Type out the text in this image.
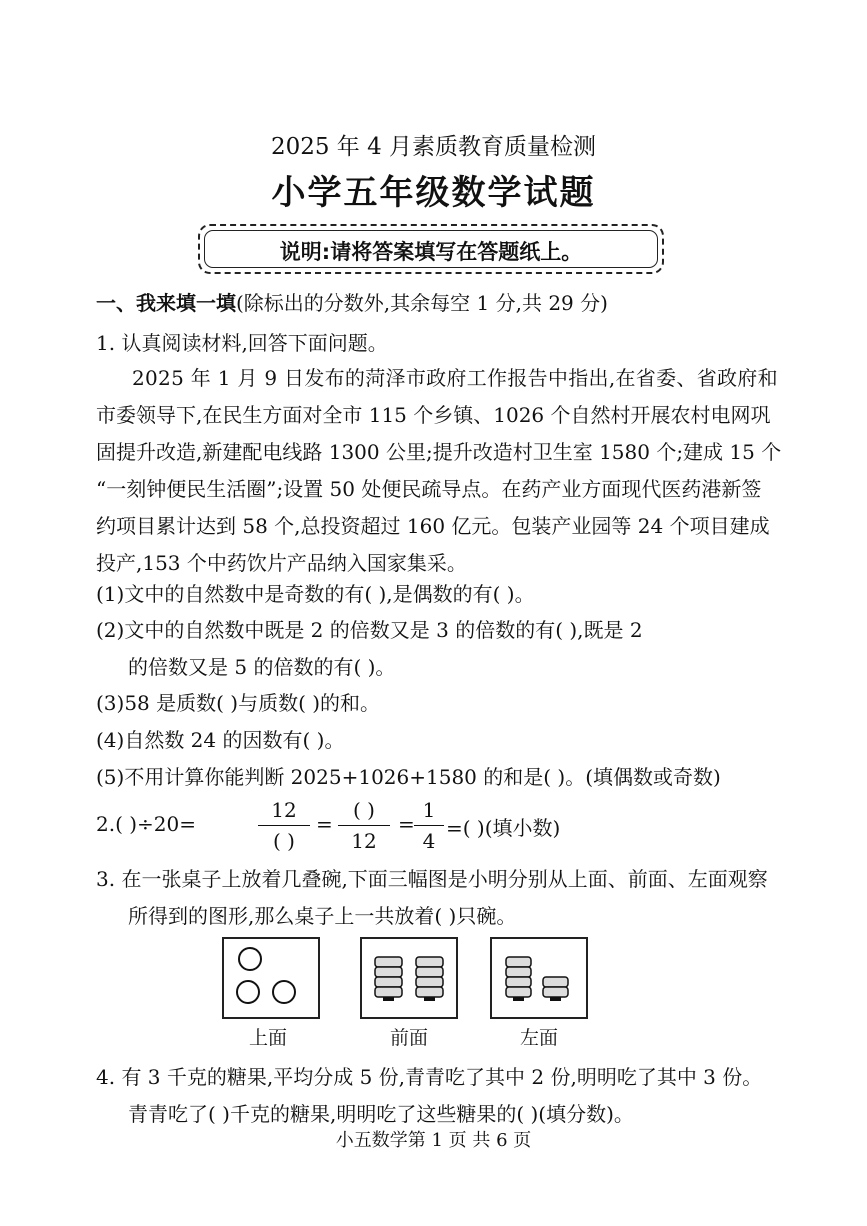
2025 年 4 月素质教育质量检测
小学五年级数学试题
说明:请将答案填写在答题纸上。
一、我来填一填(除标出的分数外,其余每空 1 分,共 29 分)
1. 认真阅读材料,回答下面问题。
2025 年 1 月 9 日发布的菏泽市政府工作报告中指出,在省委、省政府和
市委领导下,在民生方面对全市 115 个乡镇、1026 个自然村开展农村电网巩
固提升改造,新建配电线路 1300 公里;提升改造村卫生室 1580 个;建成 15 个
“一刻钟便民生活圈”;设置 50 处便民疏导点。在药产业方面现代医药港新签
约项目累计达到 58 个,总投资超过 160 亿元。包装产业园等 24 个项目建成
投产,153 个中药饮片产品纳入国家集采。
(1)文中的自然数中是奇数的有( ),是偶数的有( )。
(2)文中的自然数中既是 2 的倍数又是 3 的倍数的有( ),既是 2
的倍数又是 5 的倍数的有( )。
(3)58 是质数( )与质数( )的和。
(4)自然数 24 的因数有( )。
(5)不用计算你能判断 2025+1026+1580 的和是( )。(填偶数或奇数)
2.( )÷20=
12
( )
=
( )
12
=
1
4
=( )(填小数)
3. 在一张桌子上放着几叠碗,下面三幅图是小明分别从上面、前面、左面观察
所得到的图形,那么桌子上一共放着( )只碗。
上面	前面	左面
4. 有 3 千克的糖果,平均分成 5 份,青青吃了其中 2 份,明明吃了其中 3 份。
青青吃了( )千克的糖果,明明吃了这些糖果的( )(填分数)。
小五数学第 1 页 共 6 页
